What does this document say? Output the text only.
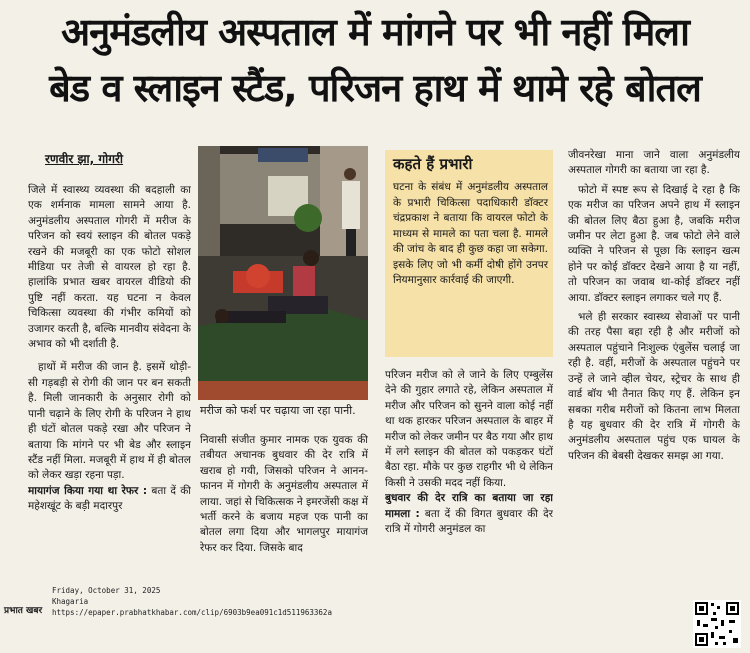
अनुमंडलीय अस्पताल में मांगने पर भी नहीं मिला
बेड व स्लाइन स्टैंड, परिजन हाथ में थामे रहे बोतल
रणवीर झा, गोगरी

जिले में स्वास्थ्य व्यवस्था की बदहाली का एक शर्मनाक मामला सामने आया है. अनुमंडलीय अस्पताल गोगरी में मरीज के परिजन को स्वयं स्लाइन की बोतल पकड़े रखने की मजबूरी का एक फोटो सोशल मीडिया पर तेजी से वायरल हो रहा है. हालांकि प्रभात खबर वायरल वीडियो की पुष्टि नहीं करता. यह घटना न केवल चिकित्सा व्यवस्था की गंभीर कमियों को उजागर करती है, बल्कि मानवीय संवेदना के अभाव को भी दर्शाती है.

हाथों में मरीज की जान है. इसमें थोड़ी-सी गड़बड़ी से रोगी की जान पर बन सकती है. मिली जानकारी के अनुसार रोगी को पानी चढ़ाने के लिए रोगी के परिजन ने हाथ ही घंटों बोतल पकड़े रखा और परिजन ने बताया कि मांगने पर भी बेड और स्लाइन स्टैंड नहीं मिला. मजबूरी में हाथ में ही बोतल को लेकर खड़ा रहना पड़ा.

मायागंज किया गया था रेफर : बता दें की महेशखूंट के बड़ी मदारपुर

मरीज को फर्श पर चढ़ाया जा रहा पानी.

निवासी संजीत कुमार नामक एक युवक की तबीयत अचानक बुधवार की देर रात्रि में खराब हो गयी, जिसको परिजन ने आनन-फानन में गोगरी के अनुमंडलीय अस्पताल में लाया. जहां से चिकित्सक ने इमरजेंसी कक्ष में भर्ती करने के बजाय महज एक पानी का बोतल लगा दिया और भागलपुर मायागंज रेफर कर दिया. जिसके बाद

कहते हैं प्रभारी
घटना के संबंध में अनुमंडलीय अस्पताल के प्रभारी चिकित्सा पदाधिकारी डॉक्टर चंद्रप्रकाश ने बताया कि वायरल फोटो के माध्यम से मामले का पता चला है. मामले की जांच के बाद ही कुछ कहा जा सकेगा. इसके लिए जो भी कर्मी दोषी होंगे उनपर नियमानुसार कार्रवाई की जाएगी.

परिजन मरीज को ले जाने के लिए एम्बुलेंस देने की गुहार लगाते रहे, लेकिन अस्पताल में मरीज और परिजन को सुनने वाला कोई नहीं था थक हारकर परिजन अस्पताल के बाहर में मरीज को लेकर जमीन पर बैठ गया और हाथ में लगे स्लाइन की बोतल को पकड़कर घंटों बैठा रहा. मौके पर कुछ राहगीर भी थे लेकिन किसी ने उसकी मदद नहीं किया.

बुधवार की देर रात्रि का बताया जा रहा मामला : बता दें की विगत बुधवार की देर रात्रि में गोगरी अनुमंडल का

जीवनरेखा माना जाने वाला अनुमंडलीय अस्पताल गोगरी का बताया जा रहा है.

फोटो में स्पष्ट रूप से दिखाई दे रहा है कि एक मरीज का परिजन अपने हाथ में स्लाइन की बोतल लिए बैठा हुआ है, जबकि मरीज जमीन पर लेटा हुआ है. जब फोटो लेने वाले व्यक्ति ने परिजन से पूछा कि स्लाइन खत्म होने पर कोई डॉक्टर देखने आया है या नहीं, तो परिजन का जवाब था-कोई डॉक्टर नहीं आया. डॉक्टर स्लाइन लगाकर चले गए हैं.

भले ही सरकार स्वास्थ्य सेवाओं पर पानी की तरह पैसा बहा रही है और मरीजों को अस्पताल पहुंचाने निःशुल्क एंबुलेंस चलाई जा रही है. वहीं, मरीजों के अस्पताल पहुंचने पर उन्हें ले जाने व्हील चेयर, स्ट्रेचर के साथ ही वार्ड बॉय भी तैनात किए गए हैं. लेकिन इन सबका गरीब मरीजों को कितना लाभ मिलता है यह बुधवार की देर रात्रि में गोगरी के अनुमंडलीय अस्पताल पहुंच एक घायल के परिजन की बेबसी देखकर समझ आ गया.

प्रभात खबर
Friday, October 31, 2025
Khagaria
https://epaper.prabhatkhabar.com/clip/6903b9ea091c1d511963362a
